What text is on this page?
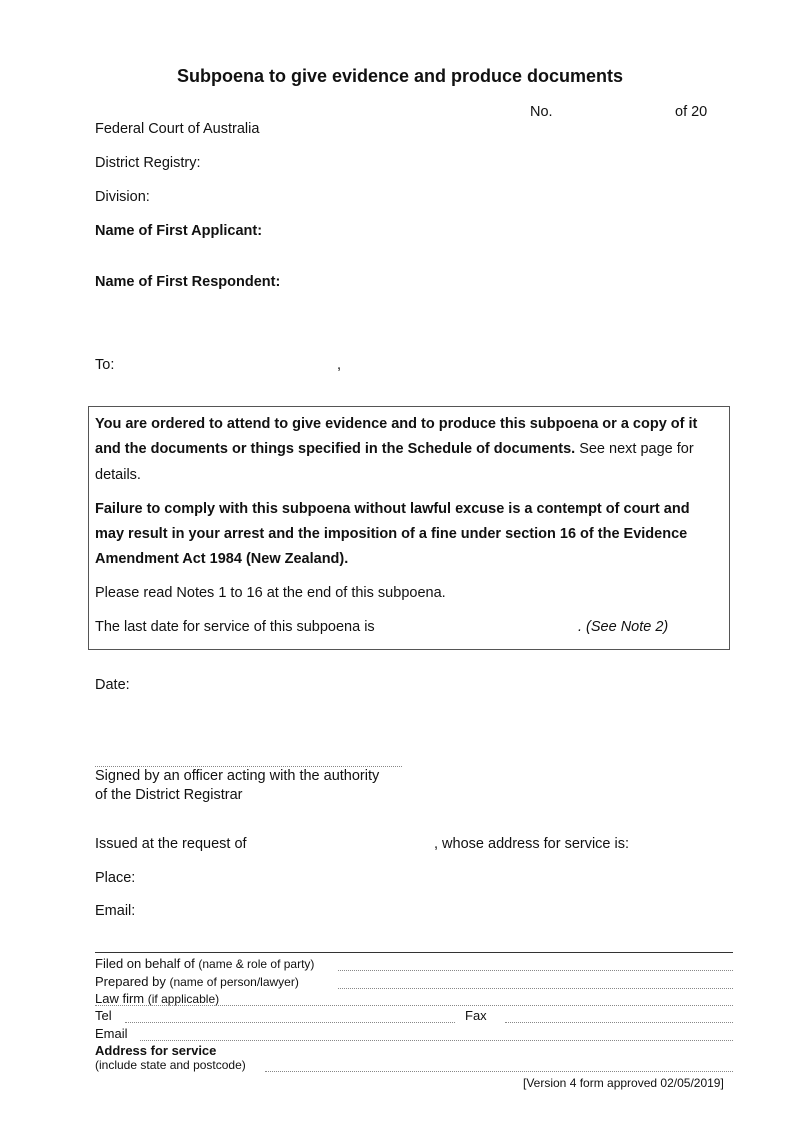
Subpoena to give evidence and produce documents
No.	of 20
Federal Court of Australia
District Registry:
Division:
Name of First Applicant:
Name of First Respondent:
To:	,
You are ordered to attend to give evidence and to produce this subpoena or a copy of it
and the documents or things specified in the Schedule of documents. See next page for
details.
Failure to comply with this subpoena without lawful excuse is a contempt of court and
may result in your arrest and the imposition of a fine under section 16 of the Evidence
Amendment Act 1984 (New Zealand).
Please read Notes 1 to 16 at the end of this subpoena.
The last date for service of this subpoena is	. (See Note 2)
Date:
Signed by an officer acting with the authority
of the District Registrar
Issued at the request of	, whose address for service is:
Place:
Email:
Filed on behalf of (name & role of party)
Prepared by (name of person/lawyer)
Law firm (if applicable)
Tel	Fax
Email
Address for service
(include state and postcode)
[Version 4 form approved 02/05/2019]
